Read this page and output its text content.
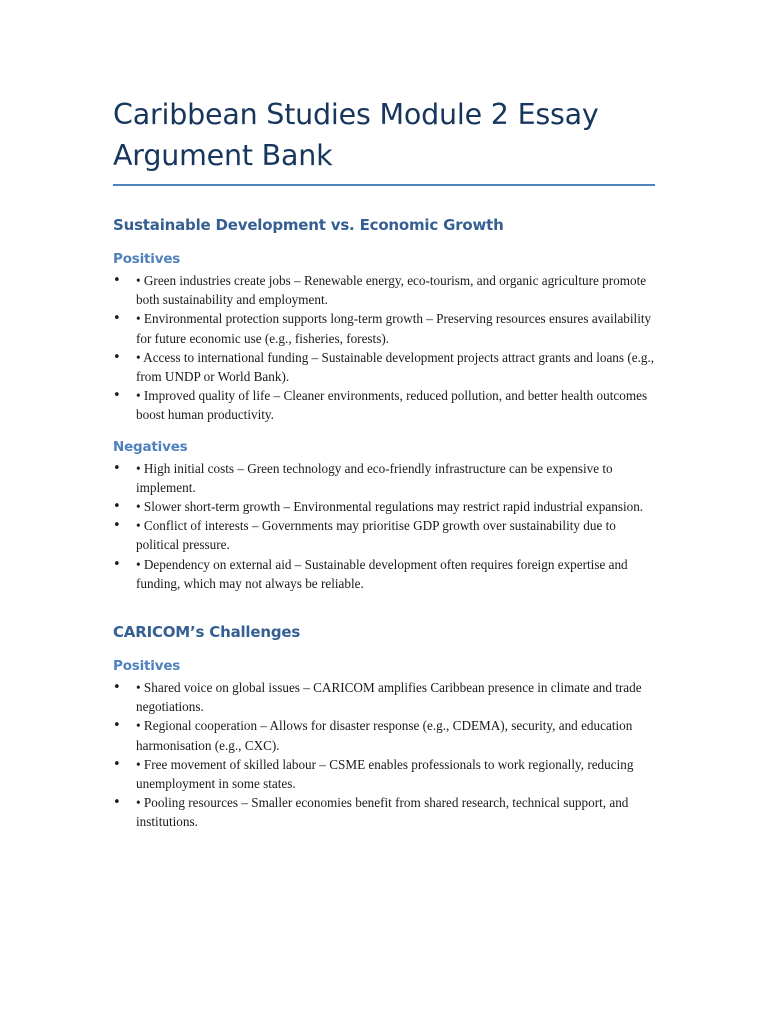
Caribbean Studies Module 2 Essay Argument Bank
Sustainable Development vs. Economic Growth
Positives
• • Green industries create jobs – Renewable energy, eco-tourism, and organic agriculture promote both sustainability and employment.
• • Environmental protection supports long-term growth – Preserving resources ensures availability for future economic use (e.g., fisheries, forests).
• • Access to international funding – Sustainable development projects attract grants and loans (e.g., from UNDP or World Bank).
• • Improved quality of life – Cleaner environments, reduced pollution, and better health outcomes boost human productivity.
Negatives
• • High initial costs – Green technology and eco-friendly infrastructure can be expensive to implement.
• • Slower short-term growth – Environmental regulations may restrict rapid industrial expansion.
• • Conflict of interests – Governments may prioritise GDP growth over sustainability due to political pressure.
• • Dependency on external aid – Sustainable development often requires foreign expertise and funding, which may not always be reliable.
CARICOM’s Challenges
Positives
• • Shared voice on global issues – CARICOM amplifies Caribbean presence in climate and trade negotiations.
• • Regional cooperation – Allows for disaster response (e.g., CDEMA), security, and education harmonisation (e.g., CXC).
• • Free movement of skilled labour – CSME enables professionals to work regionally, reducing unemployment in some states.
• • Pooling resources – Smaller economies benefit from shared research, technical support, and institutions.
